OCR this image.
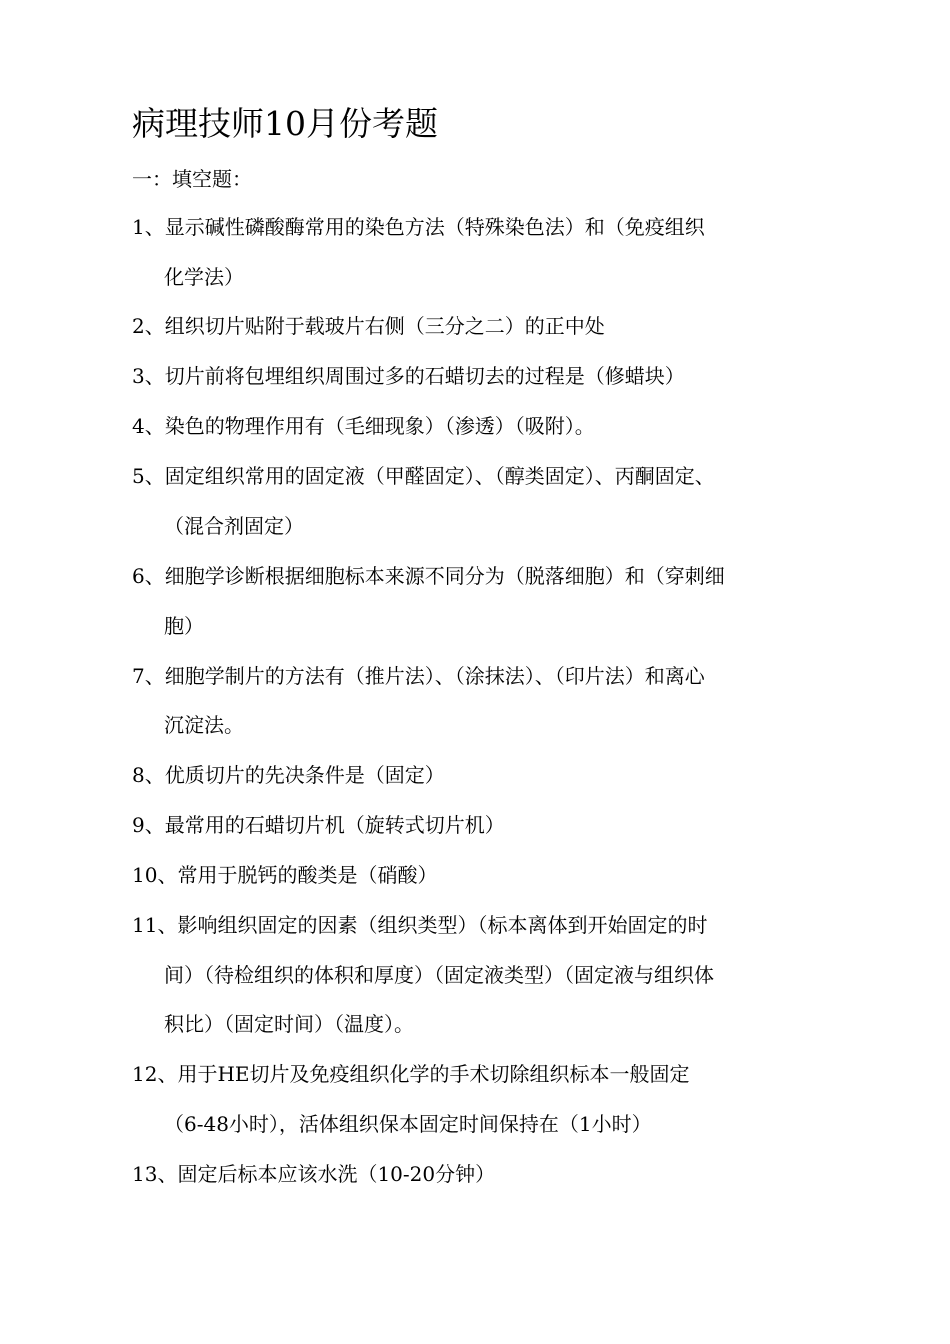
病理技师10月份考题
一：填空题：
1、显示碱性磷酸酶常用的染色方法（特殊染色法）和（免疫组织
化学法）
2、组织切片贴附于载玻片右侧（三分之二）的正中处
3、切片前将包埋组织周围过多的石蜡切去的过程是（修蜡块）
4、染色的物理作用有（毛细现象）（渗透）（吸附）。
5、固定组织常用的固定液（甲醛固定）、（醇类固定）、丙酮固定、
（混合剂固定）
6、细胞学诊断根据细胞标本来源不同分为（脱落细胞）和（穿刺细
胞）
7、细胞学制片的方法有（推片法）、（涂抹法）、（印片法）和离心
沉淀法。
8、优质切片的先决条件是（固定）
9、最常用的石蜡切片机（旋转式切片机）
10、常用于脱钙的酸类是（硝酸）
11、影响组织固定的因素（组织类型）（标本离体到开始固定的时
间）（待检组织的体积和厚度）（固定液类型）（固定液与组织体
积比）（固定时间）（温度）。
12、用于HE切片及免疫组织化学的手术切除组织标本一般固定
（6-48小时），活体组织保本固定时间保持在（1小时）
13、固定后标本应该水洗（10-20分钟）
